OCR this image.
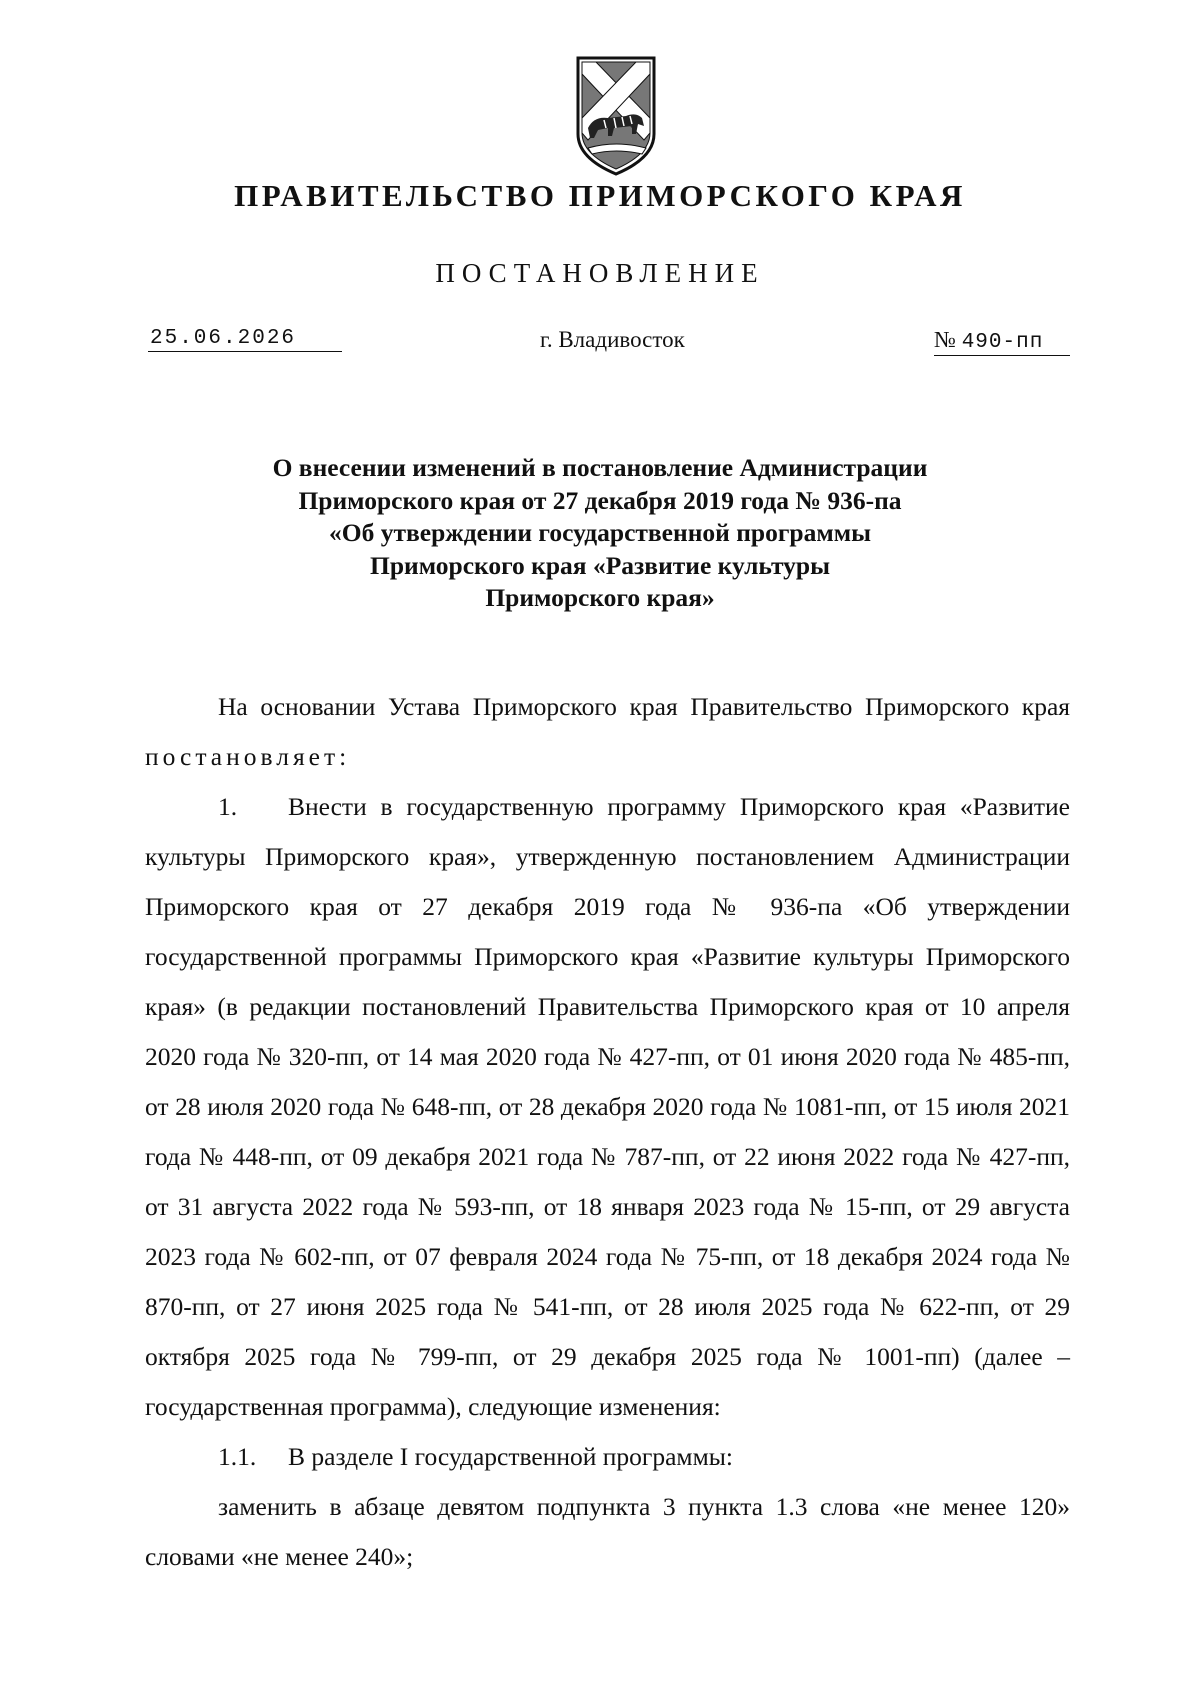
ПРАВИТЕЛЬСТВО ПРИМОРСКОГО КРАЯ
ПОСТАНОВЛЕНИЕ
25.06.2026	г. Владивосток	№ 490-пп
О внесении изменений в постановление Администрации
Приморского края от 27 декабря 2019 года № 936-па
«Об утверждении государственной программы
Приморского края «Развитие культуры
Приморского края»

На основании Устава Приморского края Правительство Приморского края постановляет:

1. Внести в государственную программу Приморского края «Развитие культуры Приморского края», утвержденную постановлением Администрации Приморского края от 27 декабря 2019 года № 936-па «Об утверждении государственной программы Приморского края «Развитие культуры Приморского края» (в редакции постановлений Правительства Приморского края от 10 апреля 2020 года № 320-пп, от 14 мая 2020 года № 427-пп, от 01 июня 2020 года № 485-пп, от 28 июля 2020 года № 648-пп, от 28 декабря 2020 года № 1081-пп, от 15 июля 2021 года № 448-пп, от 09 декабря 2021 года № 787-пп, от 22 июня 2022 года № 427-пп, от 31 августа 2022 года № 593-пп, от 18 января 2023 года № 15-пп, от 29 августа 2023 года № 602-пп, от 07 февраля 2024 года № 75-пп, от 18 декабря 2024 года № 870-пп, от 27 июня 2025 года № 541-пп, от 28 июля 2025 года № 622-пп, от 29 октября 2025 года № 799-пп, от 29 декабря 2025 года № 1001-пп) (далее – государственная программа), следующие изменения:

1.1. В разделе I государственной программы:

заменить в абзаце девятом подпункта 3 пункта 1.3 слова «не менее 120» словами «не менее 240»;
